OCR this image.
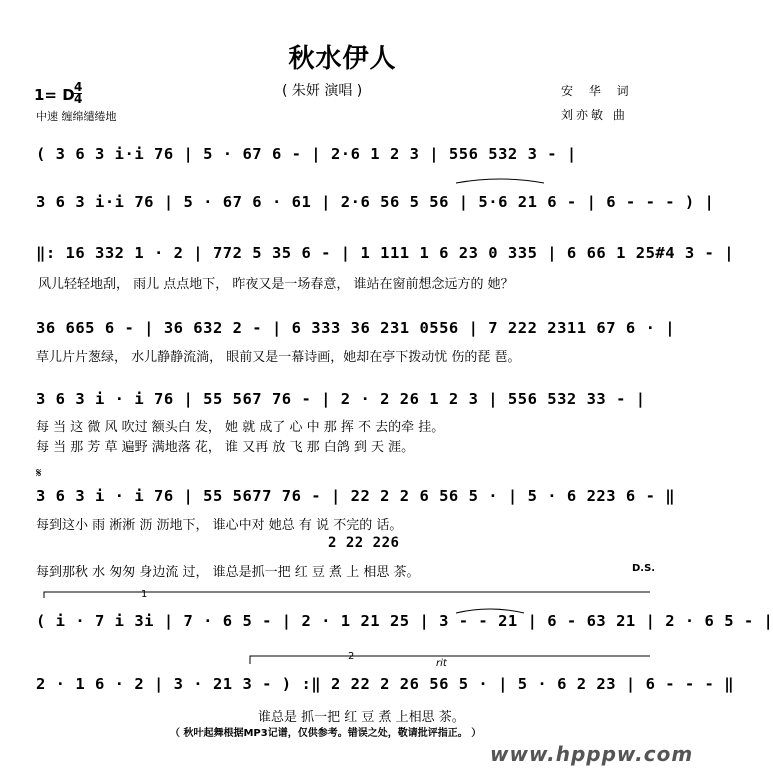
秋水伊人
( 朱妍 演唱 )
1= D 4
4
中速 缠绵缱绻地
安 华 词
刘亦敏 曲
( 3 6 3 i·i 76 | 5 · 67 6 - | 2·6 1 2 3 | 556 532 3 - |
3 6 3 i·i 76 | 5 · 67 6 · 61 | 2·6 56 5 56 | 5·6 21 6 - | 6 - - - ) |
‖: 16 332 1 · 2 | 772 5 35 6 - | 1 111 1 6 23 0 335 | 6 66 1 25#4 3 - |
风儿轻轻地刮， 雨儿 点点地下， 昨夜又是一场春意， 谁站在窗前想念远方的 她？
36 665 6 - | 36 632 2 - | 6 333 36 231 0556 | 7 222 2311 67 6 · |
草儿片片葱绿， 水儿静静流淌， 眼前又是一幕诗画，她却在亭下拨动忧 伤的琵 琶。
3 6 3 i · i 76 | 55 567 76 - | 2 · 2 26 1 2 3 | 556 532 33 - |
每 当 这 微 风 吹过 额头白 发， 她 就 成了 心 中 那 挥 不 去的牵 挂。
每 当 那 芳 草 遍野 满地落 花， 谁 又再 放 飞 那 白鸽 到 天 涯。
𝄋
3 6 3 i · i 76 | 55 5677 76 - | 22 2 2 6 56 5 · | 5 · 6 223 6 - ‖
每到这小 雨 淅淅 沥 沥地下， 谁心中对 她总 有 说 不完的 话。
2 22 226
每到那秋 水 匆匆 身边流 过， 谁总是抓一把 红 豆 煮 上 相思 茶。	D.S.
1
( i · 7 i 3i | 7 · 6 5 - | 2 · 1 21 25 | 3 - - 21 | 6 - 63 21 | 2 · 6 5 - |
2
rit
2 · 1 6 · 2 | 3 · 21 3 - ) :‖ 2 22 2 26 56 5 · | 5 · 6 2 23 | 6 - - - ‖
谁总是 抓一把 红 豆 煮 上相思 茶。
（ 秋叶起舞根据MP3记谱，仅供参考。错误之处，敬请批评指正。 ）
www.hpppw.com
